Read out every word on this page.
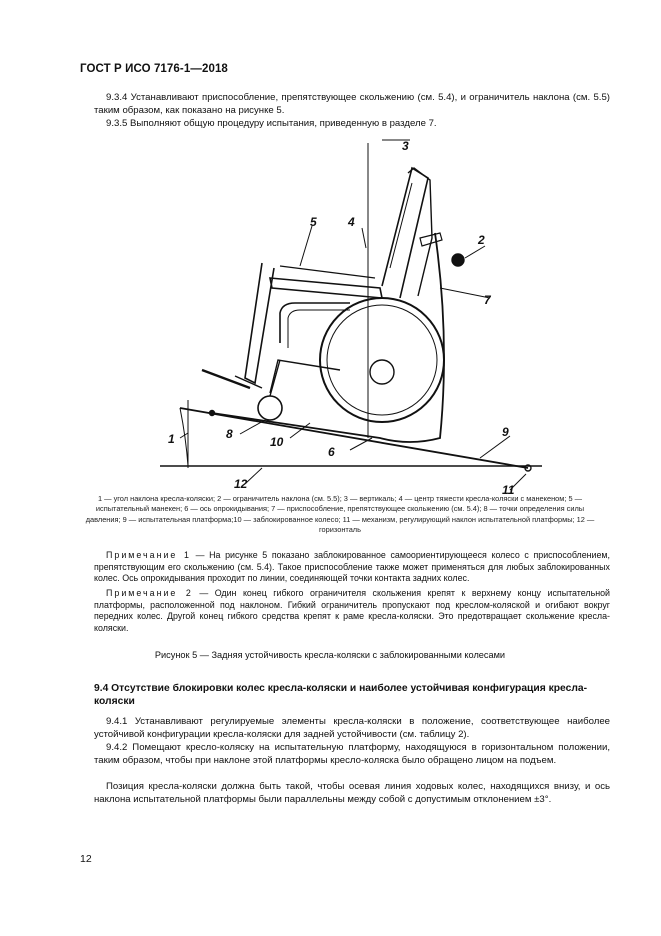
ГОСТ Р ИСО 7176-1—2018
9.3.4 Устанавливают приспособление, препятствующее скольжению (см. 5.4), и ограничитель наклона (см. 5.5) таким образом, как показано на рисунке 5.
9.3.5 Выполняют общую процедуру испытания, приведенную в разделе 7.
1
2
3
4
5
6
7
8	9
10
11
12
1 — угол наклона кресла-коляски; 2 — ограничитель наклона (см. 5.5); 3 — вертикаль; 4 — центр тяжести кресла-коляски с манекеном; 5 — испытательный манекен; 6 — ось опрокидывания; 7 — приспособление, препятствующее скольжению (см. 5.4); 8 — точки определения силы давления; 9 — испытательная платформа;10 — заблокированное колесо; 11 — механизм, регулирующий наклон испытательной платформы; 12 — горизонталь
Примечание 1 — На рисунке 5 показано заблокированное самоориентирующееся колесо с приспособлением, препятствующим его скольжению (см. 5.4). Такое приспособление также может применяться для любых заблокированных колес. Ось опрокидывания проходит по линии, соединяющей точки контакта задних колес.
Примечание 2 — Один конец гибкого ограничителя скольжения крепят к верхнему концу испытательной платформы, расположенной под наклоном. Гибкий ограничитель пропускают под креслом-коляской и огибают вокруг передних колес. Другой конец гибкого средства крепят к раме кресла-коляски. Это предотвращает скольжение кресла-коляски.
Рисунок 5 — Задняя устойчивость кресла-коляски с заблокированными колесами
9.4 Отсутствие блокировки колес кресла-коляски и наиболее устойчивая конфигурация кресла-коляски
9.4.1 Устанавливают регулируемые элементы кресла-коляски в положение, соответствующее наиболее устойчивой конфигурации кресла-коляски для задней устойчивости (см. таблицу 2).
9.4.2 Помещают кресло-коляску на испытательную платформу, находящуюся в горизонтальном положении, таким образом, чтобы при наклоне этой платформы кресло-коляска было обращено лицом на подъем.
Позиция кресла-коляски должна быть такой, чтобы осевая линия ходовых колес, находящихся внизу, и ось наклона испытательной платформы были параллельны между собой с допустимым отклонением ±3°.
12
